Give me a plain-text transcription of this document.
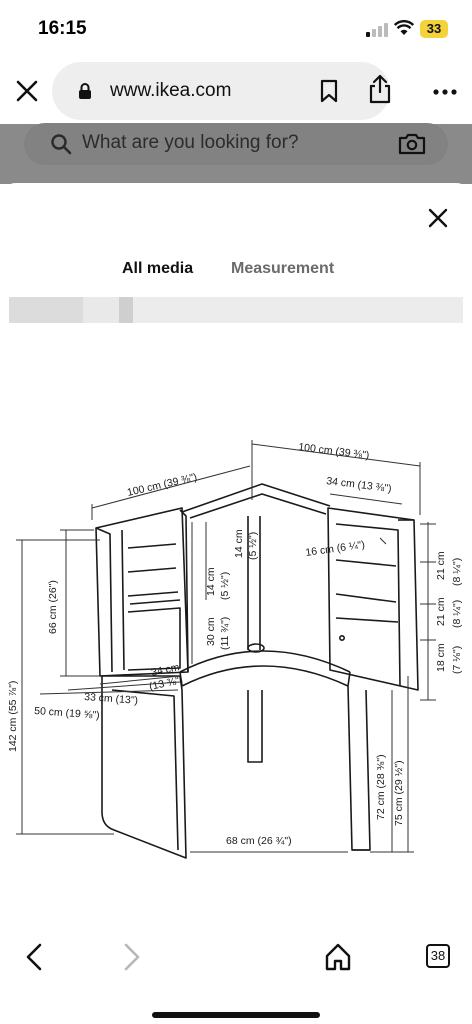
16:15	33
www.ikea.com
What are you looking for?
All media Measurement
100 cm (39 ⅜")
100 cm (39 ⅜")	34 cm (13 ⅜")
16 cm (6 ¼")
21 cm (8 ¼")
21 cm (8 ¼")
18 cm (7 ⅛")
66 cm (26")
142 cm (55 ⅞")
14 cm (5 ½")
14 cm (5 ½")
30 cm (11 ¾")
34 cm
(13 ⅜")
33 cm (13")
50 cm (19 ⅝")
72 cm (28 ⅜") 75 cm (29 ½")
68 cm (26 ¾")
38
